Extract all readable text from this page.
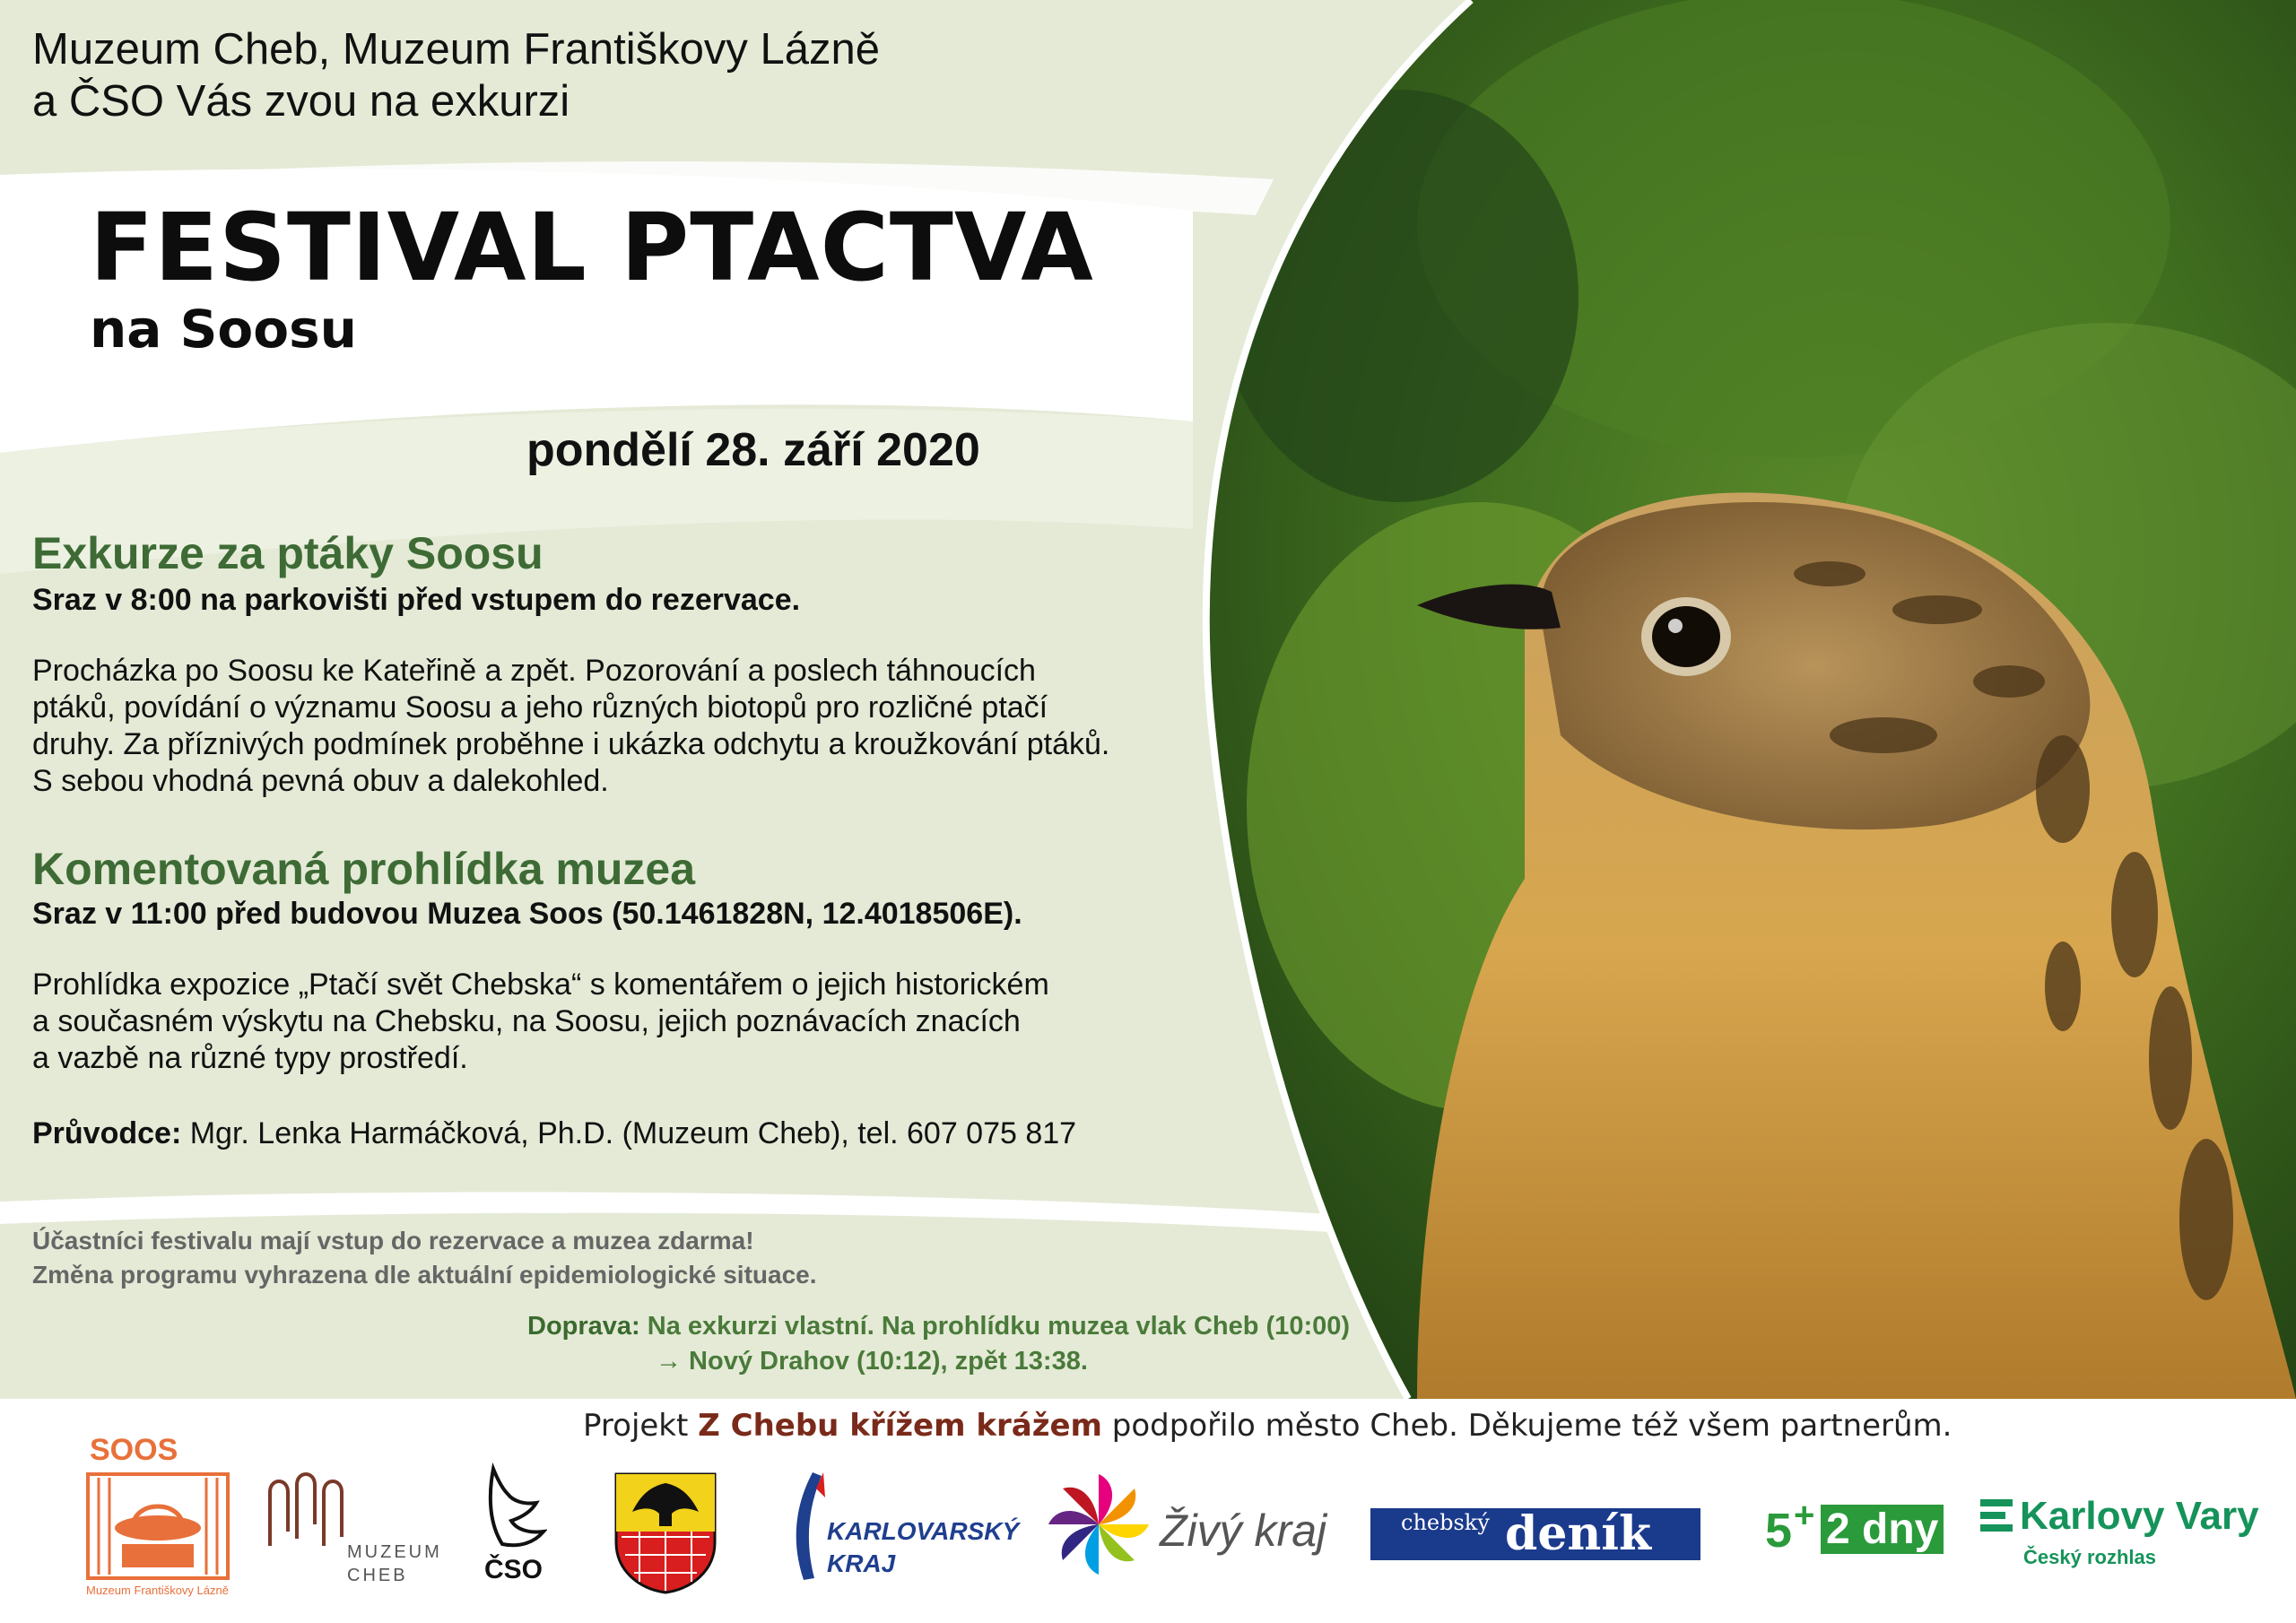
Muzeum Cheb, Muzeum Františkovy Lázně
a ČSO Vás zvou na exkurzi
FESTIVAL PTACTVA
na Soosu
pondělí 28. září 2020
Exkurze za ptáky Soosu
Sraz v 8:00 na parkovišti před vstupem do rezervace.
Procházka po Soosu ke Kateřině a zpět. Pozorování a poslech táhnoucích
ptáků, povídání o významu Soosu a jeho různých biotopů pro rozličné ptačí
druhy. Za příznivých podmínek proběhne i ukázka odchytu a kroužkování ptáků.
S sebou vhodná pevná obuv a dalekohled.
Komentovaná prohlídka muzea
Sraz v 11:00 před budovou Muzea Soos (50.1461828N, 12.4018506E).
Prohlídka expozice „Ptačí svět Chebska“ s komentářem o jejich historickém
a současném výskytu na Chebsku, na Soosu, jejich poznávacích znacích
a vazbě na různé typy prostředí.
Průvodce: Mgr. Lenka Harmáčková, Ph.D. (Muzeum Cheb), tel. 607 075 817
Účastníci festivalu mají vstup do rezervace a muzea zdarma!
Změna programu vyhrazena dle aktuální epidemiologické situace.
Doprava: Na exkurzi vlastní. Na prohlídku muzea vlak Cheb (10:00)
→ Nový Drahov (10:12), zpět 13:38.
Projekt Z Chebu křížem krážem podpořilo město Cheb. Děkujeme též všem partnerům.
SOOS
Muzeum Františkovy Lázně
MUZEUM
CHEB	ČSO
KARLOVARSKÝ
KRAJ
Živý kraj	chebský deník 5 + 2 dny Karlovy Vary
Český rozhlas
